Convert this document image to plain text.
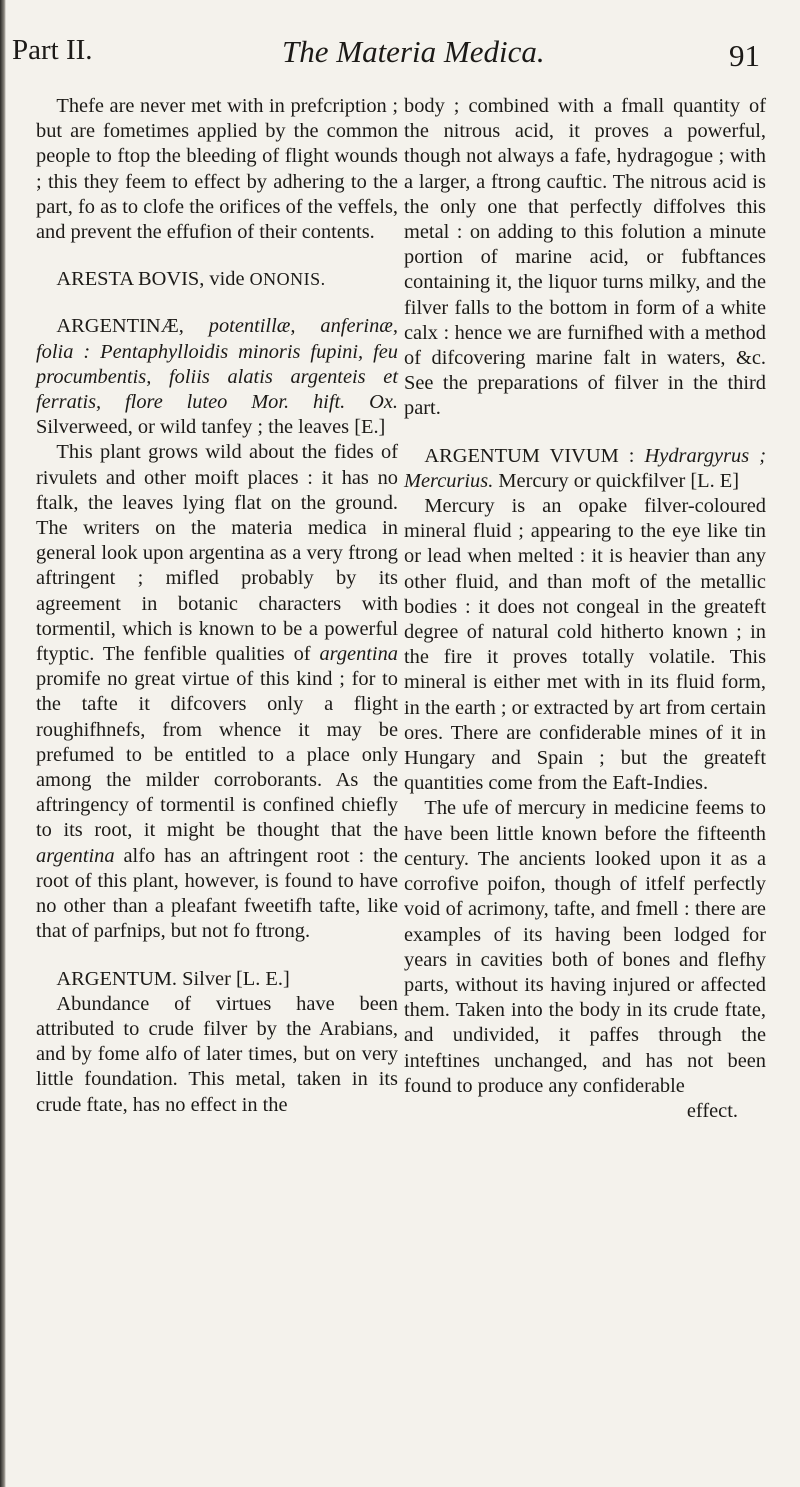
Part II.	The Materia Medica.	91

Thefe are never met with in prefcription ; but are fometimes applied by the common people to ftop the bleeding of flight wounds ; this they feem to effect by adhering to the part, fo as to clofe the orifices of the veffels, and prevent the effufion of their contents.

ARESTA BOVIS, vide ONONIS.

ARGENTINÆ, potentillæ, anferinæ, folia : Pentaphylloidis minoris fupini, feu procumbentis, foliis alatis argenteis et ferratis, flore luteo Mor. hift. Ox. Silverweed, or wild tanfey ; the leaves [E.]

This plant grows wild about the fides of rivulets and other moift places : it has no ftalk, the leaves lying flat on the ground. The writers on the materia medica in general look upon argentina as a very ftrong aftringent ; mifled probably by its agreement in botanic characters with tormentil, which is known to be a powerful ftyptic. The fenfible qualities of argentina promife no great virtue of this kind ; for to the tafte it difcovers only a flight roughifhnefs, from whence it may be prefumed to be entitled to a place only among the milder corroborants. As the aftringency of tormentil is confined chiefly to its root, it might be thought that the argentina alfo has an aftringent root : the root of this plant, however, is found to have no other than a pleafant fweetifh tafte, like that of parfnips, but not fo ftrong.

ARGENTUM. Silver [L. E.]

Abundance of virtues have been attributed to crude filver by the Arabians, and by fome alfo of later times, but on very little foundation. This metal, taken in its crude ftate, has no effect in the

body ; combined with a fmall quantity of the nitrous acid, it proves a powerful, though not always a fafe, hydragogue ; with a larger, a ftrong cauftic. The nitrous acid is the only one that perfectly diffolves this metal : on adding to this folution a minute portion of marine acid, or fubftances containing it, the liquor turns milky, and the filver falls to the bottom in form of a white calx : hence we are furnifhed with a method of difcovering marine falt in waters, &c. See the preparations of filver in the third part.

ARGENTUM VIVUM : Hydrargyrus ; Mercurius. Mercury or quickfilver [L. E]

Mercury is an opake filver-coloured mineral fluid ; appearing to the eye like tin or lead when melted : it is heavier than any other fluid, and than moft of the metallic bodies : it does not congeal in the greateft degree of natural cold hitherto known ; in the fire it proves totally volatile. This mineral is either met with in its fluid form, in the earth ; or extracted by art from certain ores. There are confiderable mines of it in Hungary and Spain ; but the greateft quantities come from the Eaft-Indies.

The ufe of mercury in medicine feems to have been little known before the fifteenth century. The ancients looked upon it as a corrofive poifon, though of itfelf perfectly void of acrimony, tafte, and fmell : there are examples of its having been lodged for years in cavities both of bones and flefhy parts, without its having injured or affected them. Taken into the body in its crude ftate, and undivided, it paffes through the inteftines unchanged, and has not been found to produce any confiderable

effect.
